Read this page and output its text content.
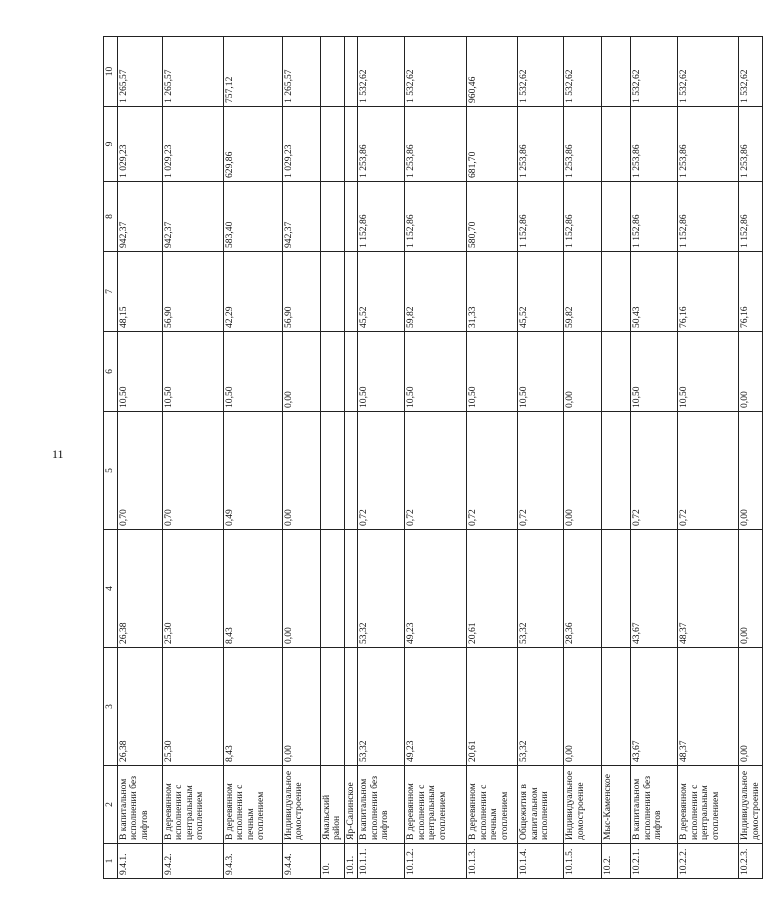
11
1	2	3	4	5	6	7	8	9	10
9.4.1.	В капитальном исполнении без лифтов	26,38	26,38	0,70	10,50	48,15	942,37	1 029,23	1 265,57
9.4.2.	В деревянном исполнении с центральным отоплением	25,30	25,30	0,70	10,50	56,90	942,37	1 029,23	1 265,57
9.4.3.	В деревянном исполнении с печным отоплением	8,43	8,43	0,49	10,50	42,29	583,40	629,86	757,12
9.4.4.	Индивидуальное домостроение	0,00	0,00	0,00	0,00	56,90	942,37	1 029,23	1 265,57
10.	Ямальский район								
10.1.	Яр-Салинское								
10.1.1.	В капитальном исполнении без лифтов	53,32	53,32	0,72	10,50	45,52	1 152,86	1 253,86	1 532,62
10.1.2.	В деревянном исполнении с центральным отоплением	49,23	49,23	0,72	10,50	59,82	1 152,86	1 253,86	1 532,62
10.1.3.	В деревянном исполнении с печным отоплением	20,61	20,61	0,72	10,50	31,33	580,70	681,70	960,46
10.1.4.	Общежития в капитальном исполнении	53,32	53,32	0,72	10,50	45,52	1 152,86	1 253,86	1 532,62
10.1.5.	Индивидуальное домостроение	0,00	28,36	0,00	0,00	59,82	1 152,86	1 253,86	1 532,62
10.2.	Мыс-Каменское								
10.2.1.	В капитальном исполнении без лифтов	43,67	43,67	0,72	10,50	50,43	1 152,86	1 253,86	1 532,62
10.2.2.	В деревянном исполнении с центральным отоплением	48,37	48,37	0,72	10,50	76,16	1 152,86	1 253,86	1 532,62
10.2.3.	Индивидуальное домостроение	0,00	0,00	0,00	0,00	76,16	1 152,86	1 253,86	1 532,62
